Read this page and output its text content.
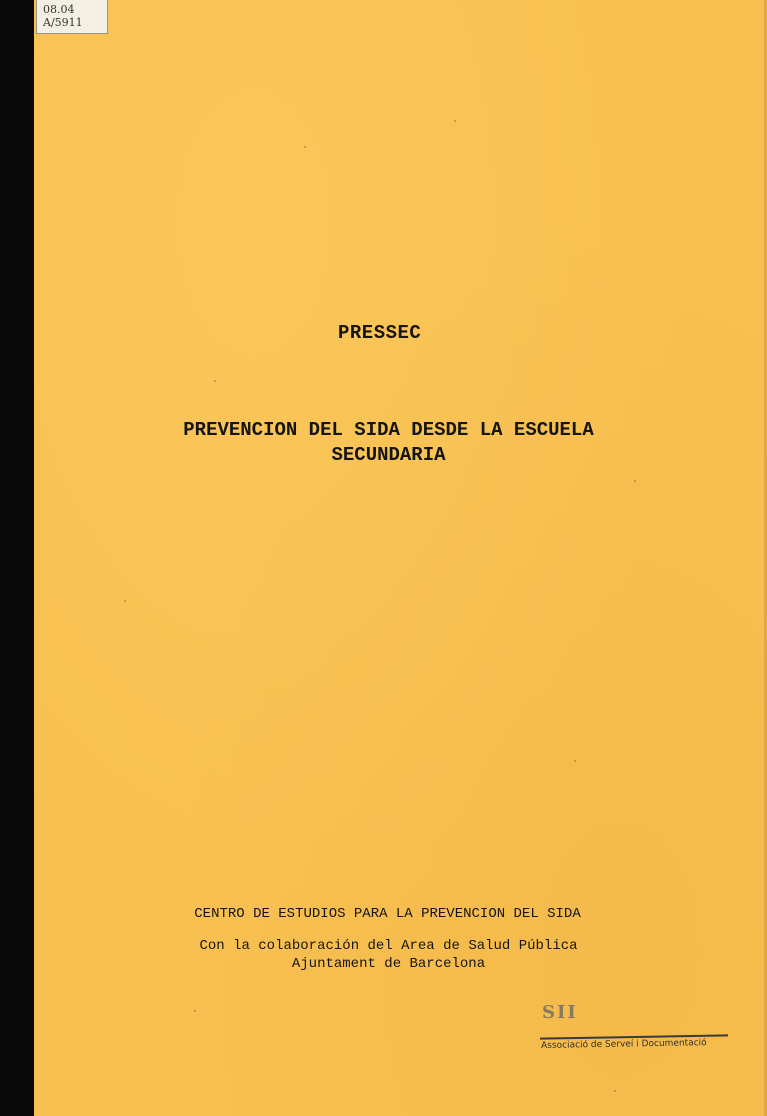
08.04
A/5911
PRESSEC
PREVENCION DEL SIDA DESDE LA ESCUELA
SECUNDARIA
CENTRO DE ESTUDIOS PARA LA PREVENCION DEL SIDA
Con la colaboración del Area de Salud Pública
Ajuntament de Barcelona
SII
Associació de Serveí i Documentació
